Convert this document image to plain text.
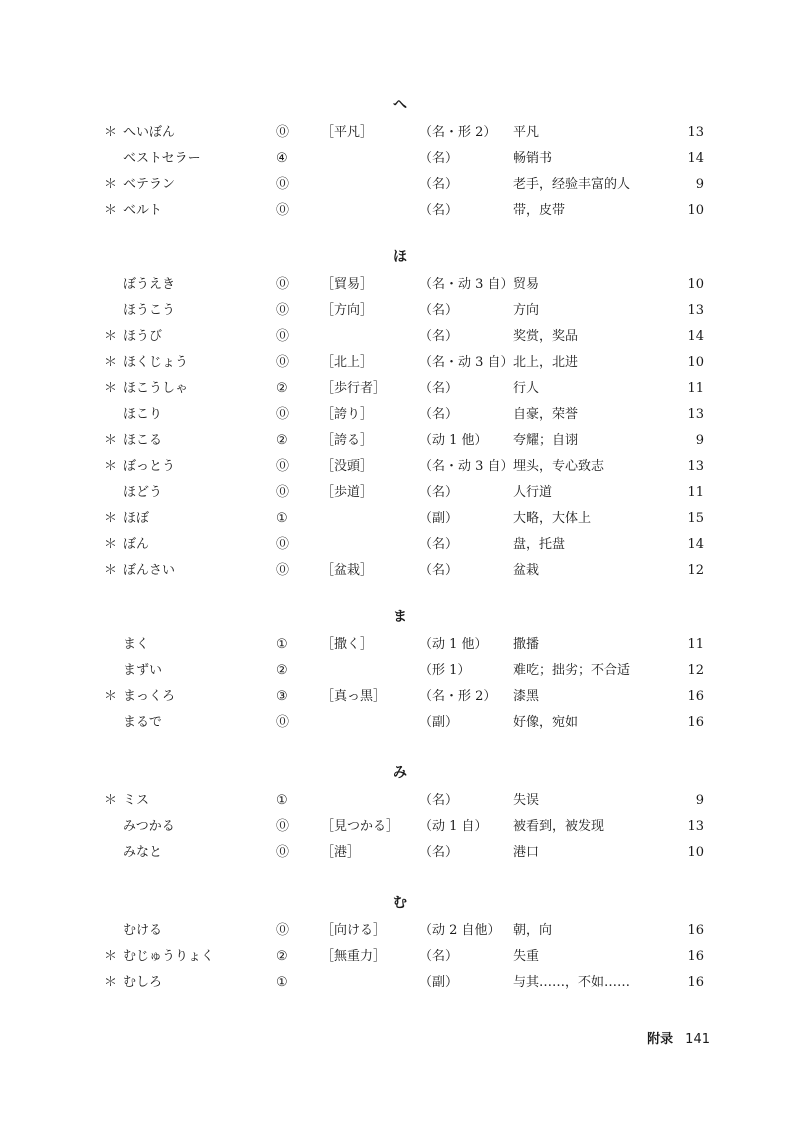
へ
＊ へいぼん	⓪ ［平凡］	（名・形 2） 平凡	13
ベストセラー	④	（名）	畅销书	14
＊ ベテラン	⓪	（名）	老手，经验丰富的人	9
＊ ベルト	⓪	（名）	带，皮带	10
ほ
ぼうえき	⓪ ［貿易］	（名・动 3 自） 贸易	10
ほうこう	⓪ ［方向］	（名）	方向	13
＊ ほうび	⓪	（名）	奖赏，奖品	14
＊ ほくじょう	⓪ ［北上］	（名・动 3 自） 北上，北进	10
＊ ほこうしゃ	②	［歩行者］	（名）	行人	11
ほこり	⓪ ［誇り］	（名）	自豪，荣誉	13
＊ ほこる	②	［誇る］	（动 1 他） 夸耀；自诩	9
＊ ぼっとう	⓪ ［没頭］	（名・动 3 自） 埋头，专心致志	13
ほどう	⓪ ［歩道］	（名）	人行道	11
＊ ほぼ	①	（副）	大略，大体上	15
＊ ぼん	⓪	（名）	盘，托盘	14
＊ ぼんさい	⓪ ［盆栽］	（名）	盆栽	12
ま
まく	①	［撒く］	（动 1 他） 撒播	11
まずい	②	（形 1）	难吃；拙劣；不合适	12
＊ まっくろ	③	［真っ黒］	（名・形 2） 漆黑	16
まるで	⓪	（副）	好像，宛如	16
み
＊ ミス	①	（名）	失误	9
みつかる	⓪ ［見つかる］ （动 1 自） 被看到，被发现	13
みなと	⓪ ［港］	（名）	港口	10
む
むける	⓪ ［向ける］	（动 2 自他） 朝，向	16
＊ むじゅうりょく	②	［無重力］	（名）	失重	16
＊ むしろ	①	（副）	与其……，不如……	16
附录 141
